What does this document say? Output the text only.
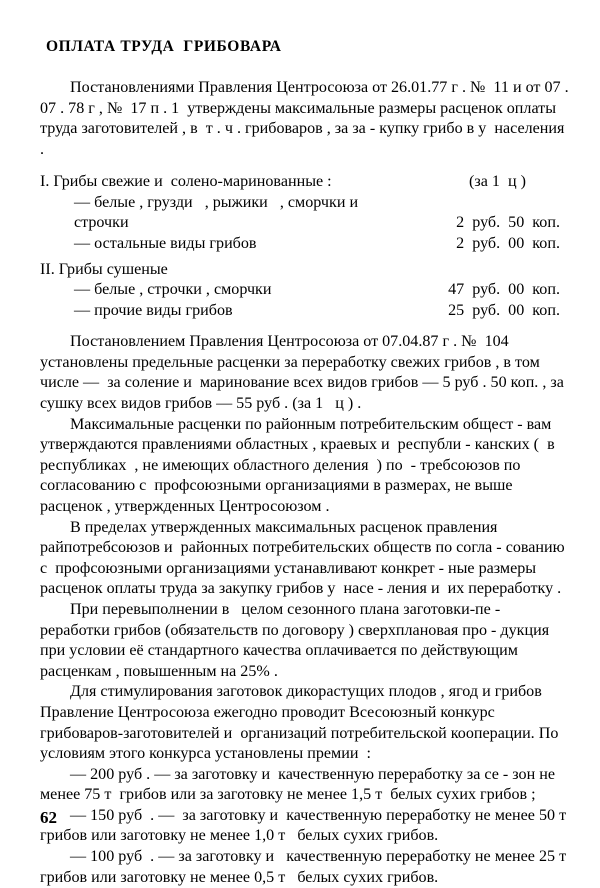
ОПЛАТА ТРУДА  ГРИБОВАРА

Постановлениями Правления Центросоюза от 26.01.77 г . №  11 и от 07 . 07 . 78 г , №  17 п . 1  утверждены максимальные размеры расценок оплаты труда заготовителей , в  т . ч . грибоваров , за за - купку грибо в у  населения .

I. Грибы свежие и  солено-маринованные :	(за 1  ц )
— белые , грузди   , рыжики   , сморчки и
строчки	2  руб.  50  коп.
— остальные виды грибов	2  руб.  00  коп.
II. Грибы сушеные
— белые , строчки , сморчки	47  руб.  00  коп.
— прочие виды грибов	25  руб.  00  коп.

Постановлением Правления Центросоюза от 07.04.87 г . №  104 установлены предельные расценки за переработку свежих грибов , в том числе —  за соление и  маринование всех видов грибов — 5 руб . 50 коп. , за сушку всех видов грибов — 55 руб . (за 1   ц ) .

Максимальные расценки по районным потребительским общест - вам утверждаются правлениями областных , краевых и  республи - канских (  в республиках  , не имеющих областного деления  ) по  - требсоюзов по согласованию с  профсоюзными организациями в размерах, не выше расценок , утвержденных Центросоюзом .

В пределах утвержденных максимальных расценок правления райпотребсоюзов и  районных потребительских обществ по согла - сованию с  профсоюзными организациями устанавливают конкрет - ные размеры расценок оплаты труда за закупку грибов у  насе - ления и  их переработку .

При перевыполнении в   целом сезонного плана заготовки-пе - реработки грибов (обязательств по договору ) сверхплановая про - дукция при условии её стандартного качества оплачивается по действующим расценкам , повышенным на 25% .

Для стимулирования заготовок дикорастущих плодов , ягод и грибов Правление Центросоюза ежегодно проводит Всесоюзный конкурс грибоваров-заготовителей и  организаций потребительской кооперации. По условиям этого конкурса установлены премии  :

— 200 руб . — за заготовку и  качественную переработку за се - зон не менее 75 т  грибов или за заготовку не менее 1,5 т  белых сухих грибов ;

— 150 руб  . —  за заготовку и  качественную переработку не менее 50 т  грибов или заготовку не менее 1,0 т   белых сухих грибов.

— 100 руб  . — за заготовку и   качественную переработку не менее 25 т  грибов или заготовку не менее 0,5 т   белых сухих грибов.

62
